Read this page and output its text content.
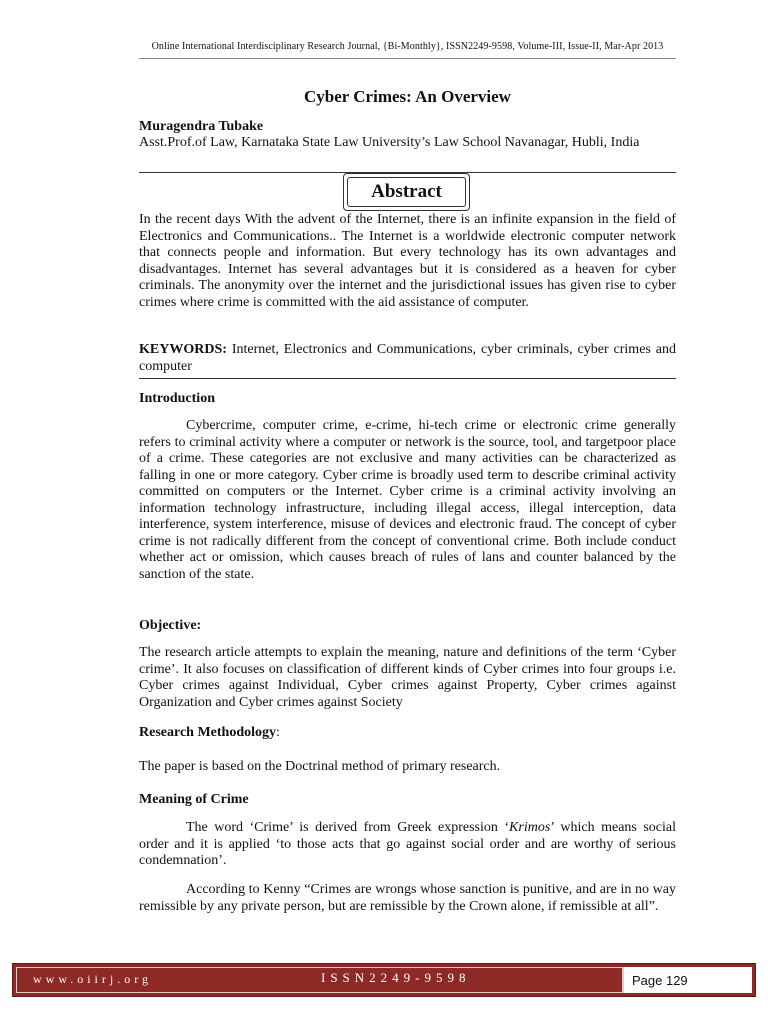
Online International Interdisciplinary Research Journal, {Bi-Monthly}, ISSN2249-9598, Volume-III, Issue-II, Mar-Apr 2013
Cyber Crimes: An Overview
Muragendra Tubake
Asst.Prof.of Law, Karnataka State Law University’s Law School Navanagar, Hubli, India
Abstract

In the recent days With the advent of the Internet, there is an infinite expansion in the field of Electronics and Communications.. The Internet is a worldwide electronic computer network that connects people and information. But every technology has its own advantages and disadvantages. Internet has several advantages but it is considered as a heaven for cyber criminals. The anonymity over the internet and the jurisdictional issues has given rise to cyber crimes where crime is committed with the aid assistance of computer.

KEYWORDS: Internet, Electronics and Communications, cyber criminals, cyber crimes and computer

Introduction

Cybercrime, computer crime, e-crime, hi-tech crime or electronic crime generally refers to criminal activity where a computer or network is the source, tool, and targetpoor place of a crime. These categories are not exclusive and many activities can be characterized as falling in one or more category. Cyber crime is broadly used term to describe criminal activity committed on computers or the Internet. Cyber crime is a criminal activity involving an information technology infrastructure, including illegal access, illegal interception, data interference, system interference, misuse of devices and electronic fraud. The concept of cyber crime is not radically different from the concept of conventional crime. Both include conduct whether act or omission, which causes breach of rules of lans and counter balanced by the sanction of the state.

Objective:

The research article attempts to explain the meaning, nature and definitions of the term ‘Cyber crime’. It also focuses on classification of different kinds of Cyber crimes into four groups i.e. Cyber crimes against Individual, Cyber crimes against Property, Cyber crimes against Organization and Cyber crimes against Society

Research Methodology:

The paper is based on the Doctrinal method of primary research.

Meaning of Crime

The word ‘Crime’ is derived from Greek expression ‘Krimos’ which means social order and it is applied ‘to those acts that go against social order and are worthy of serious condemnation’.

According to Kenny “Crimes are wrongs whose sanction is punitive, and are in no way remissible by any private person, but are remissible by the Crown alone, if remissible at all”.

www.oiirj.org	ISSN2249-9598	Page 129
